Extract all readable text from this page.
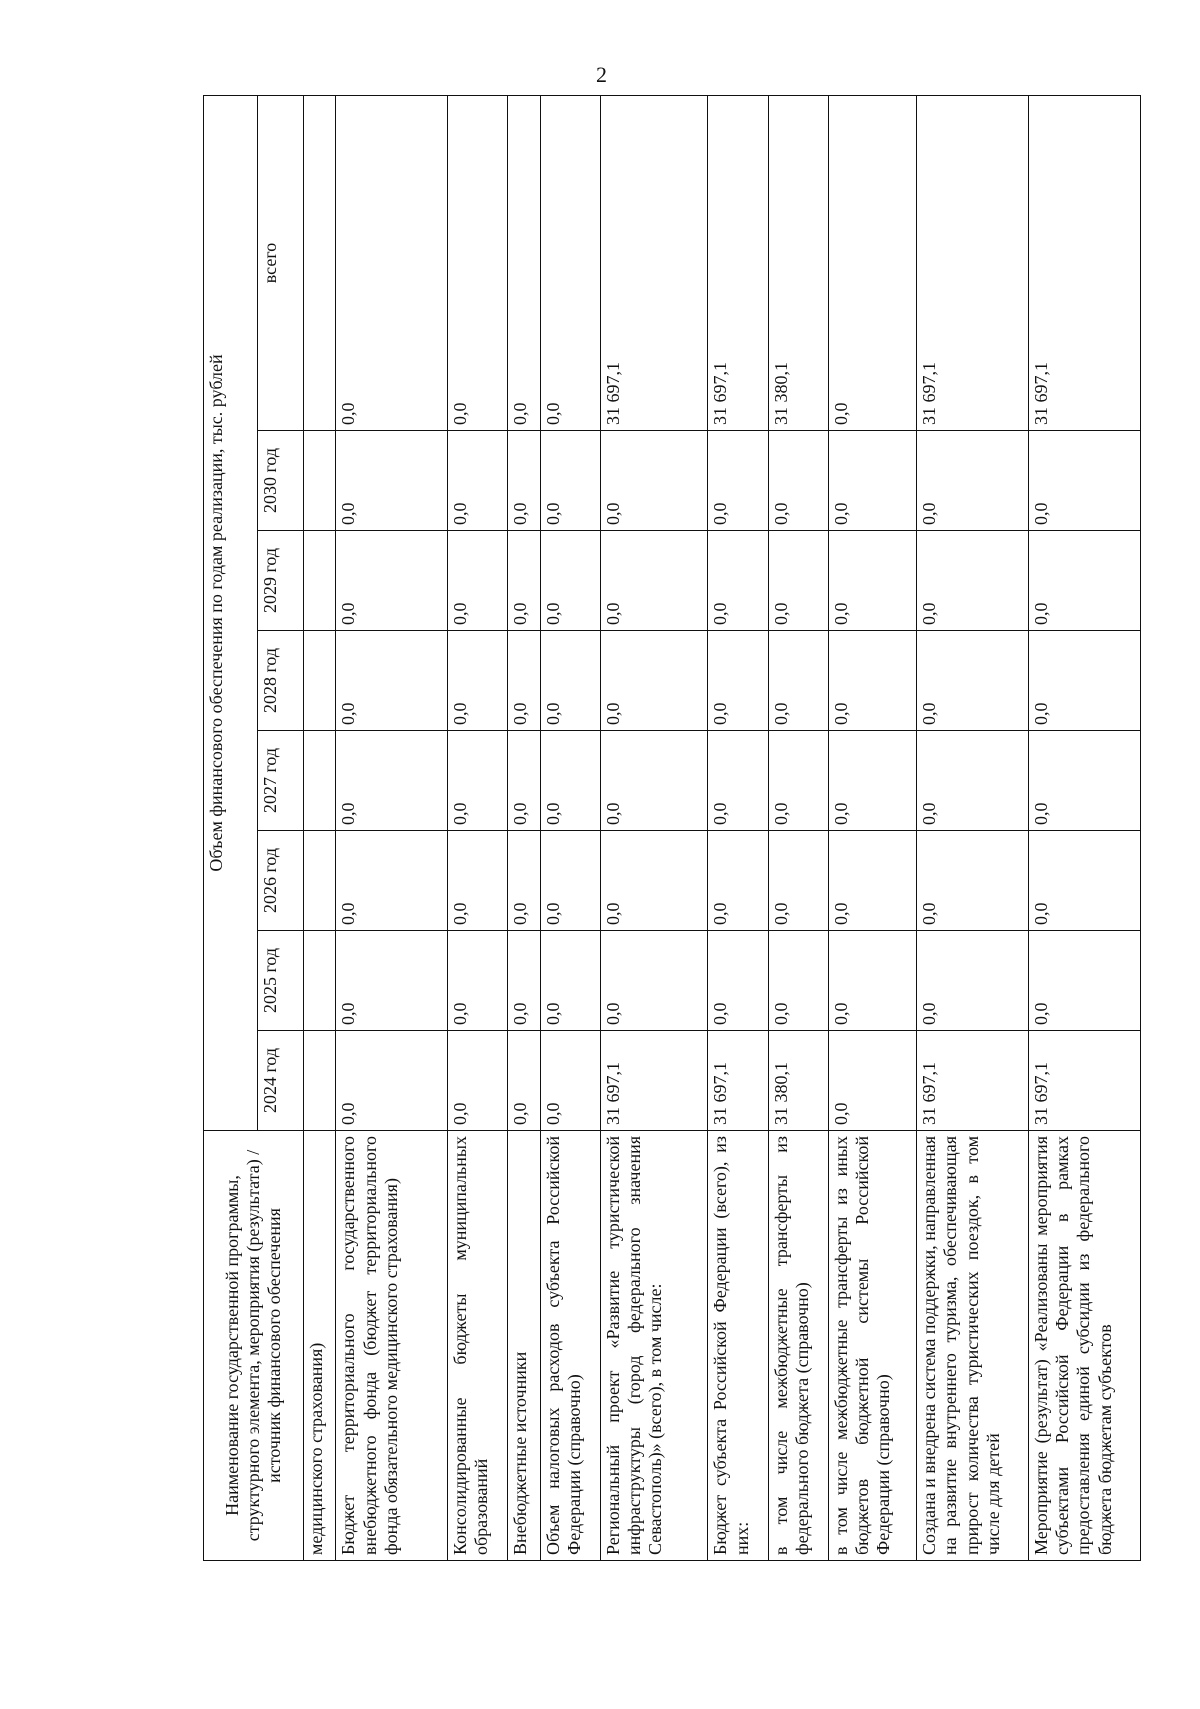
2
Наименование государственной программы, структурного элемента, мероприятия (результата) / источник финансового обеспечения	Объем финансового обеспечения по годам реализации, тыс. рублей							
	2024 год	2025 год	2026 год	2027 год	2028 год	2029 год	2030 год	всего
медицинского страхования)								
Бюджет территориального государственного внебюджетного фонда (бюджет территориального фонда обязательного медицинского страхования)	0,0	0,0	0,0	0,0	0,0	0,0	0,0	0,0
Консолидированные бюджеты муниципальных образований	0,0	0,0	0,0	0,0	0,0	0,0	0,0	0,0
Внебюджетные источники	0,0	0,0	0,0	0,0	0,0	0,0	0,0	0,0
Объем налоговых расходов субъекта Российской Федерации (справочно)	0,0	0,0	0,0	0,0	0,0	0,0	0,0	0,0
Региональный проект «Развитие туристической инфраструктуры (город федерального значения Севастополь)» (всего), в том числе:	31 697,1	0,0	0,0	0,0	0,0	0,0	0,0	31 697,1
Бюджет субъекта Российской Федерации (всего), из них:	31 697,1	0,0	0,0	0,0	0,0	0,0	0,0	31 697,1
в том числе межбюджетные трансферты из федерального бюджета (справочно)	31 380,1	0,0	0,0	0,0	0,0	0,0	0,0	31 380,1
в том числе межбюджетные трансферты из иных бюджетов бюджетной системы Российской Федерации (справочно)	0,0	0,0	0,0	0,0	0,0	0,0	0,0	0,0
Создана и внедрена система поддержки, направленная на развитие внутреннего туризма, обеспечивающая прирост количества туристических поездок, в том числе для детей	31 697,1	0,0	0,0	0,0	0,0	0,0	0,0	31 697,1
Мероприятие (результат) «Реализованы мероприятия субъектами Российской Федерации в рамках предоставления единой субсидии из федерального бюджета бюджетам субъектов	31 697,1	0,0	0,0	0,0	0,0	0,0	0,0	31 697,1
